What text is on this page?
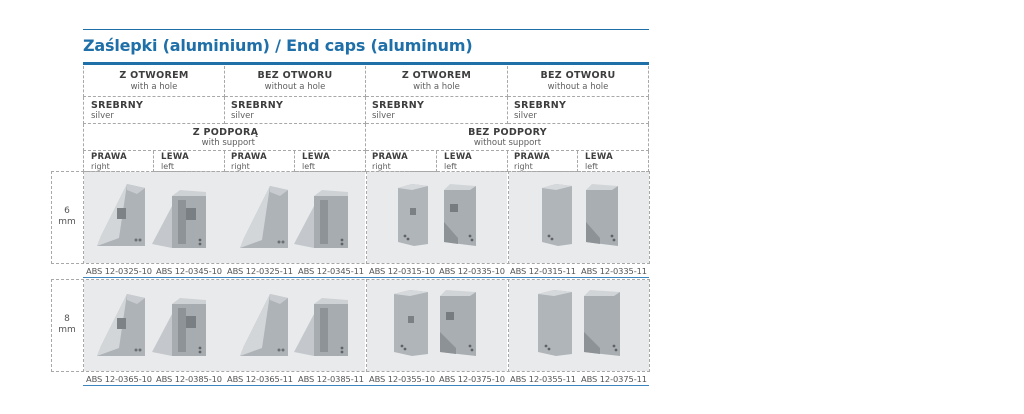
Zaślepki (aluminium) / End caps (aluminum)
Z OTWOREM
with a hole
BEZ OTWORU
without a hole
Z OTWOREM
with a hole
BEZ OTWORU
without a hole
SREBRNY
silver
SREBRNY
silver
SREBRNY
silver
SREBRNY
silver
Z PODPORĄ
with support
BEZ PODPORY
without support
PRAWA
right
LEWA
left
PRAWA
right
LEWA
left
PRAWA
right
LEWA
left
PRAWA
right
LEWA
left
6
mm
8
mm
ABS 12-0325-10 ABS 12-0345-10 ABS 12-0325-11 ABS 12-0345-11 ABS 12-0315-10 ABS 12-0335-10 ABS 12-0315-11 ABS 12-0335-11
ABS 12-0365-10 ABS 12-0385-10 ABS 12-0365-11 ABS 12-0385-11 ABS 12-0355-10 ABS 12-0375-10 ABS 12-0355-11 ABS 12-0375-11
